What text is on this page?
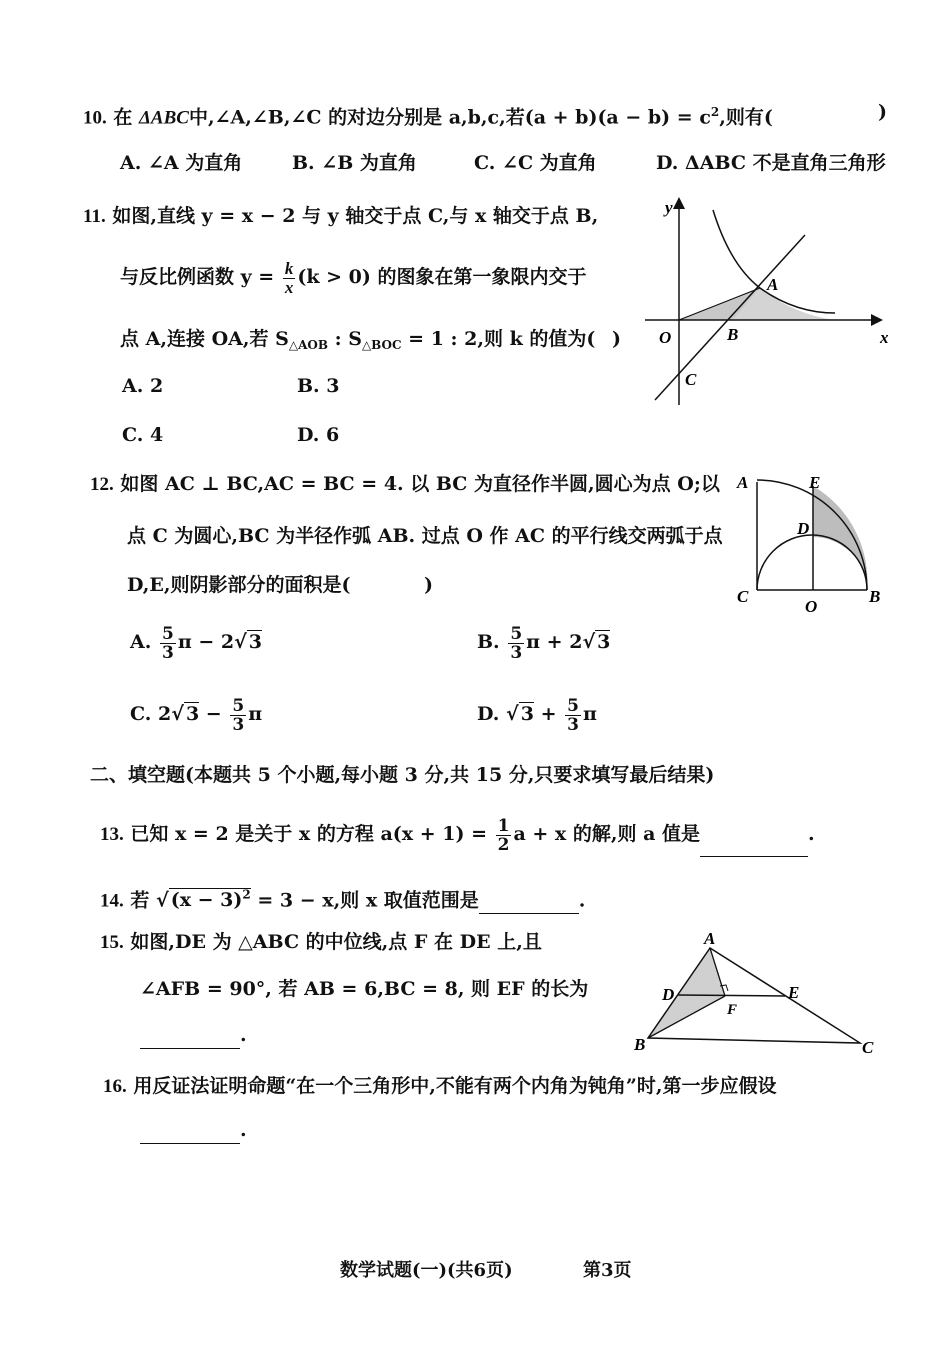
10. 在 ΔABC中,∠A,∠B,∠C 的对边分别是 a,b,c,若$(a + b)(a - b) = c^2$,则有(	)
A. ∠A 为直角	B. ∠B 为直角	C. ∠C 为直角	D. ΔABC 不是直角三角形
11. 如图,直线 y = x − 2 与 y 轴交于点 C,与 x 轴交于点 B,
与反比例函数 $y = \frac{k}{x} (k > 0)$ 的图象在第一象限内交于
点 A,连接 OA,若 $S_{\triangle AOB}$ : $S_{\triangle BOC} = 1$ : 2,则 k 的值为( )
A. 2	B. 3
C. 4	D. 6
y
x
O
A
B
C
12. 如图 AC ⊥ BC,AC = BC = 4. 以 BC 为直径作半圆,圆心为点 O;以
点 C 为圆心,BC 为半径作弧 AB. 过点 O 作 AC 的平行线交两弧于点
D,E,则阴影部分的面积是(	)
A. $\frac{5}{3}$ π − 2√ 3	B. $\frac{5}{3}$ π + 2√ 3
C. 2√ $3 - \frac{5}{3}$ π	D. √ $3 + \frac{5}{3}$ π
A	E
D
C
O
B
二、填空题(本题共 5 个小题,每小题 3 分,共 15 分,只要求填写最后结果)
13. 已知 x = 2 是关于 x 的方程 $a(x + 1) = \frac{1}{2}$ a + x 的解,则 a 值是	.
14. 若 √ $(x - 3)^2 = 3 - x$,则 x 取值范围是	.
15. 如图,DE 为 △ABC 的中位线,点 F 在 DE 上,且
∠AFB = 90°, 若 AB = 6,BC = 8, 则 EF 的长为
.
A
D	E
F
B	C
16. 用反证法证明命题“在一个三角形中,不能有两个内角为钝角”时,第一步应假设
.
数学试题(一)(共6页)	第3页
